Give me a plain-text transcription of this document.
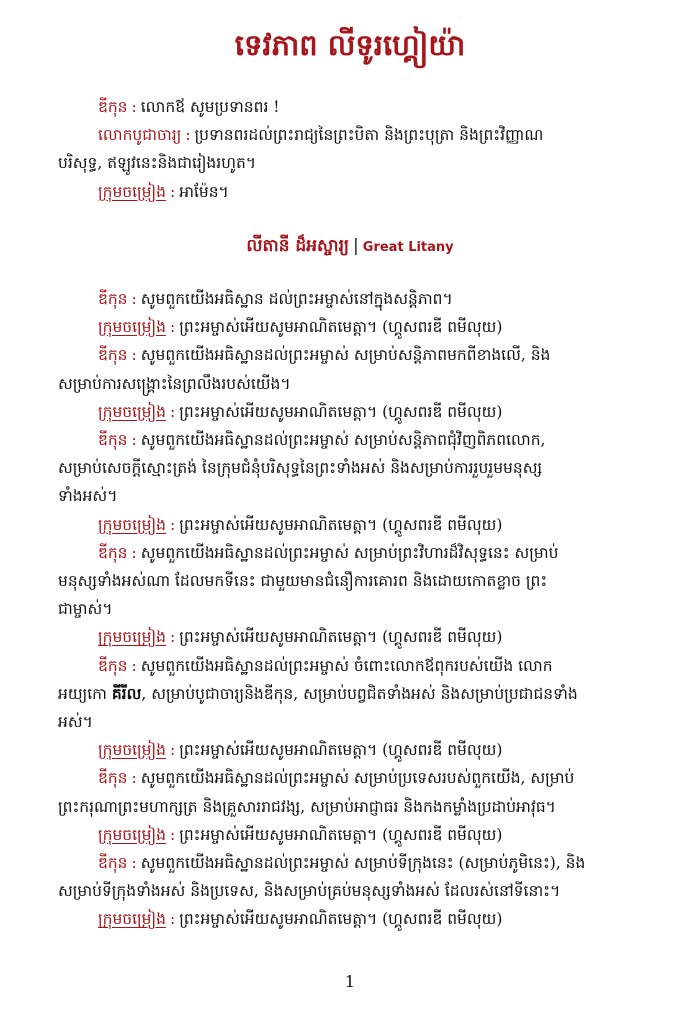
ទេវភាព លីទូរហ្គៀយ៉ា
ឌីកុន : លោកឪ សូមប្រទានពរ !
លោកបូជាចារ្យ : ប្រទានពរដល់ព្រះរាជ្យនៃព្រះបិតា និងព្រះបុត្រា និងព្រះវិញ្ញាណ
បរិសុទ្ធ, ឥឡូវនេះនិងជារៀងរហូត។
ក្រុមចម្រៀង : អាម៉ែន។
លីតានី ដ៏អស្ចារ្យ | Great Litany
ឌីកុន : សូមពួកយើងអធិស្ឋាន ដល់ព្រះអម្ចាស់នៅក្នុងសន្តិភាព។
ក្រុមចម្រៀង : ព្រះអម្ចាស់អើយសូមអាណិតមេត្តា។ (ហ្គូសពរឌី ពមីលុយ)
ឌីកុន : សូមពួកយើងអធិស្ឋានដល់ព្រះអម្ចាស់ សម្រាប់សន្តិភាពមកពីខាងលើ, និង
សម្រាប់ការសង្គ្រោះនៃព្រលឹងរបស់យើង។
ក្រុមចម្រៀង : ព្រះអម្ចាស់អើយសូមអាណិតមេត្តា។ (ហ្គូសពរឌី ពមីលុយ)
ឌីកុន : សូមពួកយើងអធិស្ឋានដល់ព្រះអម្ចាស់ សម្រាប់សន្តិភាពជុំវិញពិភពលោក,
សម្រាប់សេចក្តីស្មោះត្រង់ នៃក្រុមជំនុំបរិសុទ្ធនៃព្រះទាំងអស់ និងសម្រាប់ការរួបរួមមនុស្ស
ទាំងអស់។
ក្រុមចម្រៀង : ព្រះអម្ចាស់អើយសូមអាណិតមេត្តា។ (ហ្គូសពរឌី ពមីលុយ)
ឌីកុន : សូមពួកយើងអធិស្ឋានដល់ព្រះអម្ចាស់ សម្រាប់ព្រះវិហារដ៏វិសុទ្ធនេះ សម្រាប់
មនុស្សទាំងអស់ណា ដែលមកទីនេះ ជាមួយមានជំនឿការគោរព និងដោយកោតខ្លាច ព្រះ
ជាម្ចាស់។
ក្រុមចម្រៀង : ព្រះអម្ចាស់អើយសូមអាណិតមេត្តា។ (ហ្គូសពរឌី ពមីលុយ)
ឌីកុន : សូមពួកយើងអធិស្ឋានដល់ព្រះអម្ចាស់ ចំពោះលោកឪពុករបស់យើង លោក
អយ្យកោ គីរីល, សម្រាប់បូជាចារ្យនិងឌីកុន, សម្រាប់បព្វជិតទាំងអស់ និងសម្រាប់ប្រជាជនទាំង
អស់។
ក្រុមចម្រៀង : ព្រះអម្ចាស់អើយសូមអាណិតមេត្តា។ (ហ្គូសពរឌី ពមីលុយ)
ឌីកុន : សូមពួកយើងអធិស្ឋានដល់ព្រះអម្ចាស់ សម្រាប់ប្រទេសរបស់ពួកយើង, សម្រាប់
ព្រះករុណាព្រះមហាក្សត្រ និងគ្រួសាររាជវង្ស, សម្រាប់អាជ្ញាធរ និងកងកម្លាំងប្រដាប់អាវុធ។
ក្រុមចម្រៀង : ព្រះអម្ចាស់អើយសូមអាណិតមេត្តា។ (ហ្គូសពរឌី ពមីលុយ)
ឌីកុន : សូមពួកយើងអធិស្ឋានដល់ព្រះអម្ចាស់ សម្រាប់ទីក្រុងនេះ (សម្រាប់ភូមិនេះ), និង
សម្រាប់ទីក្រុងទាំងអស់ និងប្រទេស, និងសម្រាប់គ្រប់មនុស្សទាំងអស់ ដែលរស់នៅទីនោះ។
ក្រុមចម្រៀង : ព្រះអម្ចាស់អើយសូមអាណិតមេត្តា។ (ហ្គូសពរឌី ពមីលុយ)
1
